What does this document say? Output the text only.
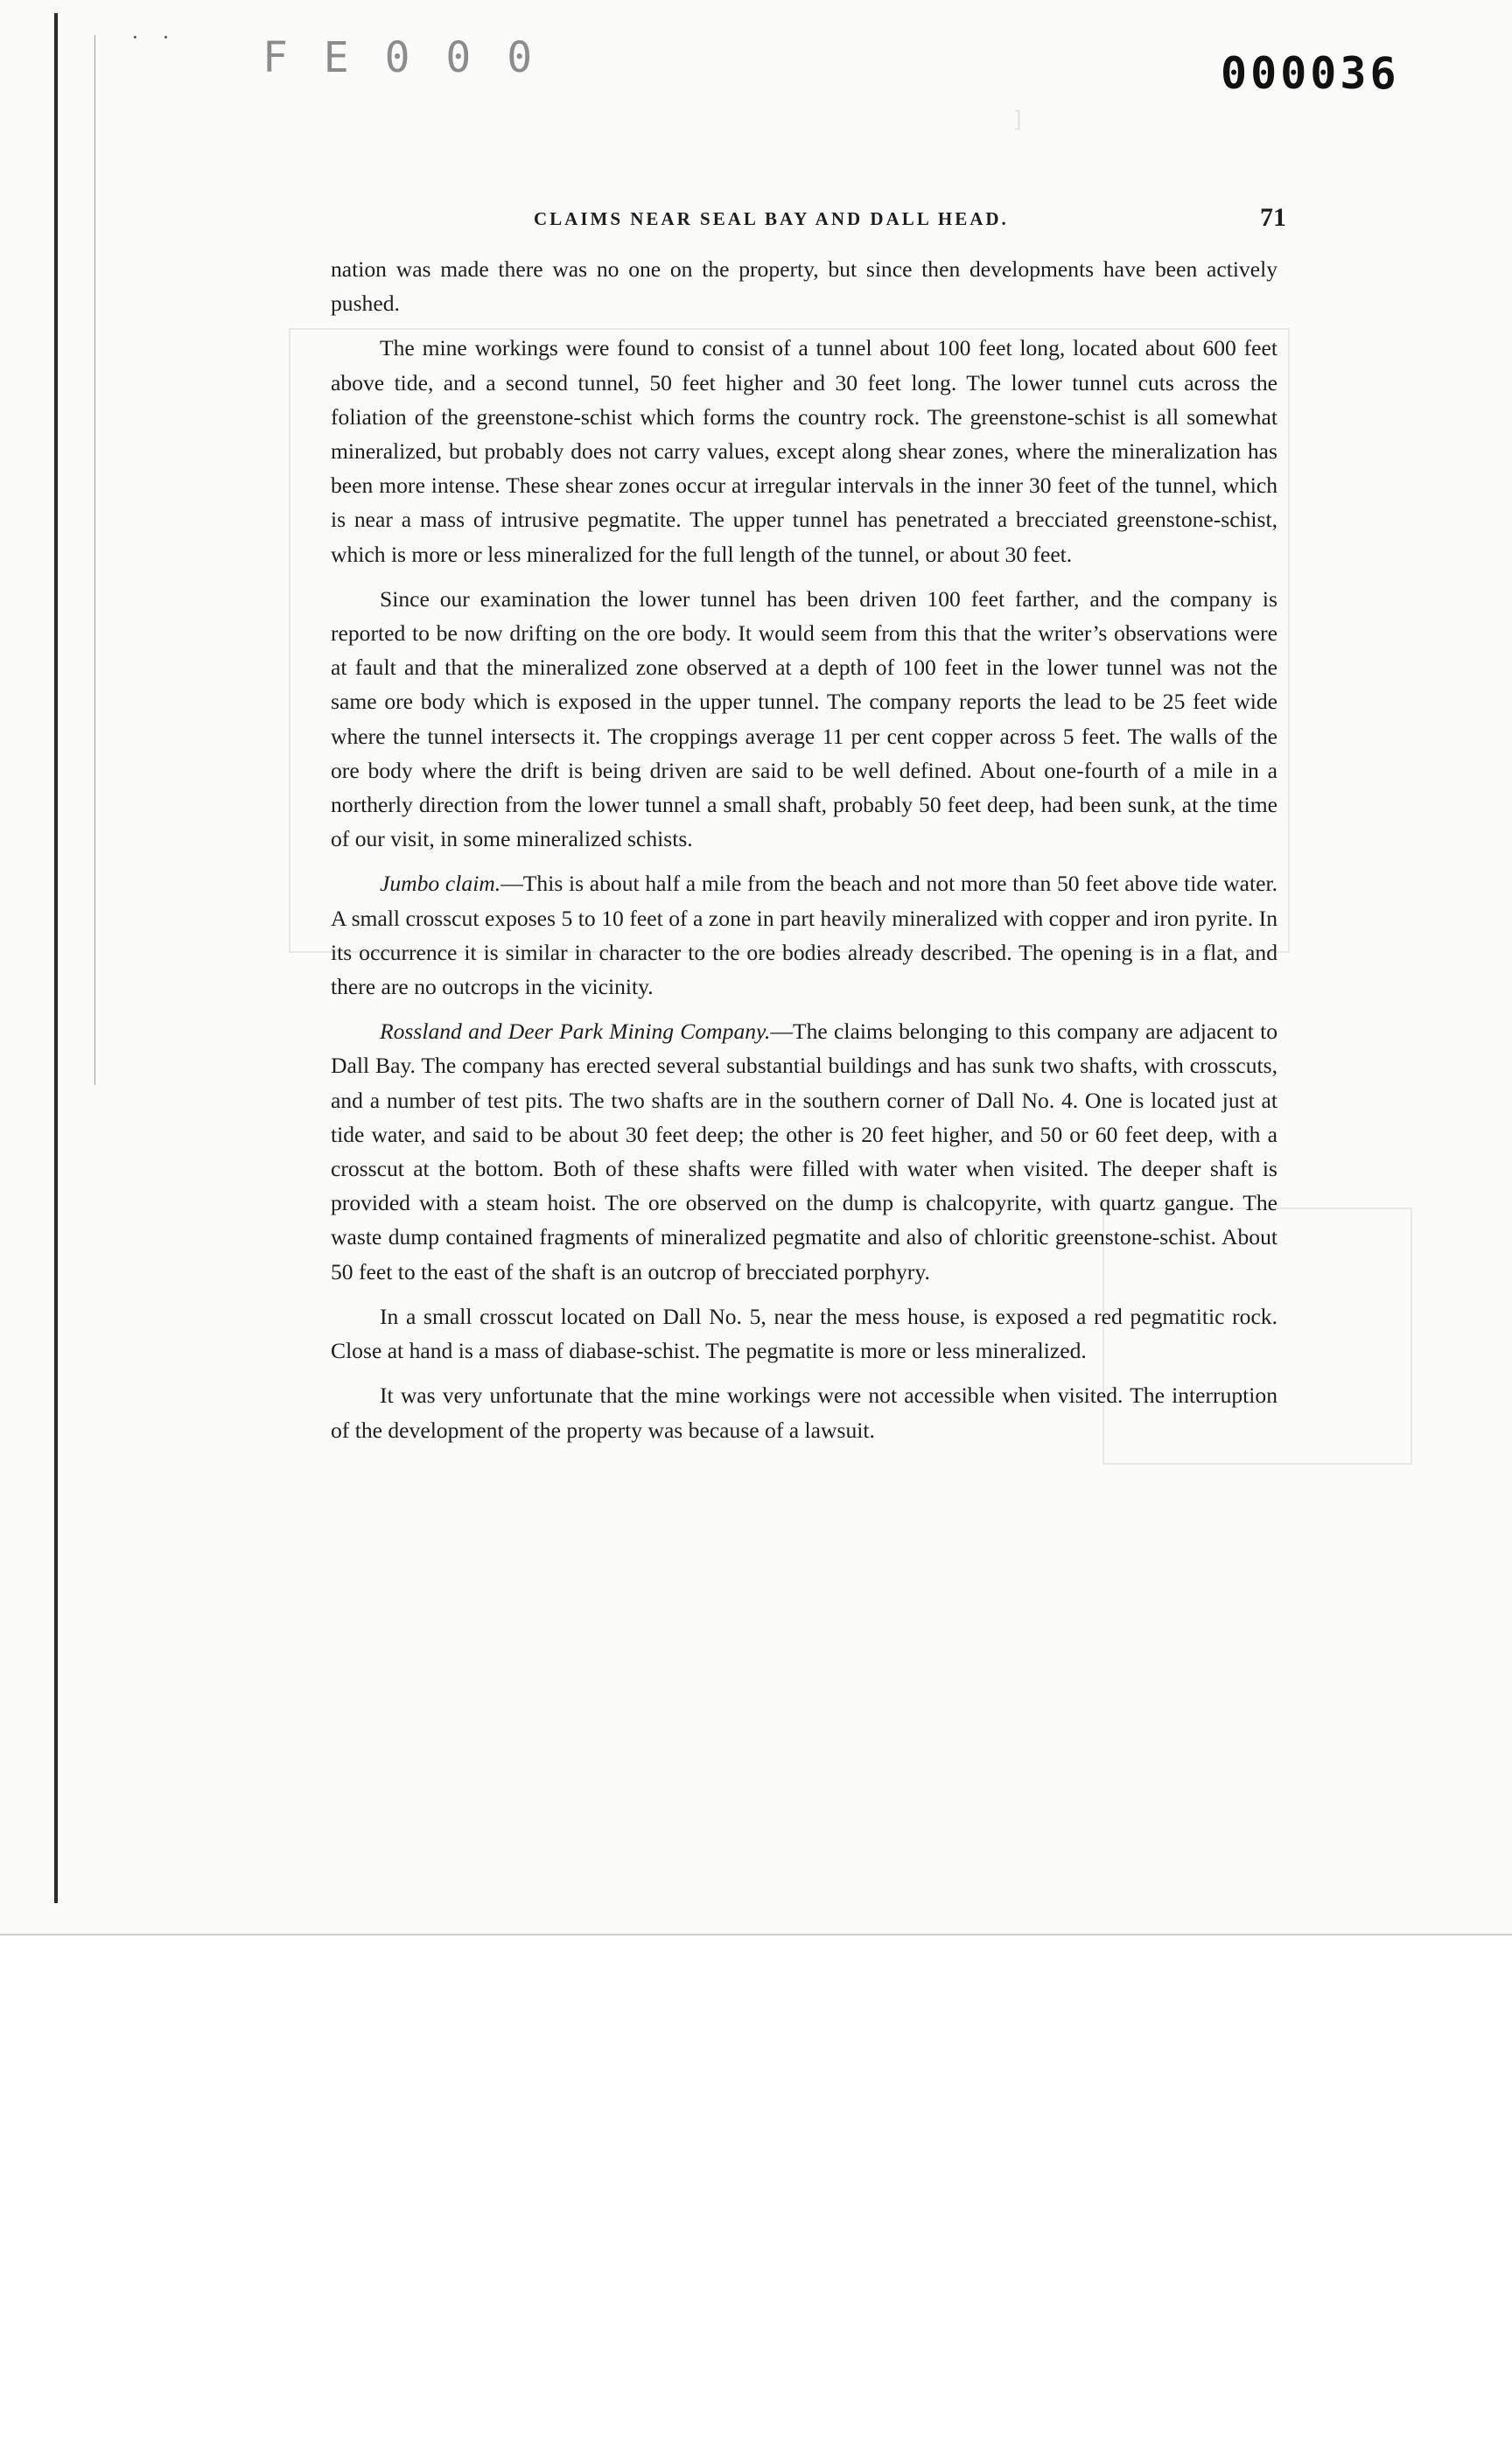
· · F E 0 0 0	000036
]
CLAIMS NEAR SEAL BAY AND DALL HEAD.	71

nation was made there was no one on the property, but since then developments have been actively pushed.

The mine workings were found to consist of a tunnel about 100 feet long, located about 600 feet above tide, and a second tunnel, 50 feet higher and 30 feet long. The lower tunnel cuts across the foliation of the greenstone-schist which forms the country rock. The greenstone-schist is all somewhat mineralized, but probably does not carry values, except along shear zones, where the mineralization has been more intense. These shear zones occur at irregular intervals in the inner 30 feet of the tunnel, which is near a mass of intrusive pegmatite. The upper tunnel has penetrated a brecciated greenstone-schist, which is more or less mineralized for the full length of the tunnel, or about 30 feet.

Since our examination the lower tunnel has been driven 100 feet farther, and the company is reported to be now drifting on the ore body. It would seem from this that the writer’s observations were at fault and that the mineralized zone observed at a depth of 100 feet in the lower tunnel was not the same ore body which is exposed in the upper tunnel. The company reports the lead to be 25 feet wide where the tunnel intersects it. The croppings average 11 per cent copper across 5 feet. The walls of the ore body where the drift is being driven are said to be well defined. About one-fourth of a mile in a northerly direction from the lower tunnel a small shaft, probably 50 feet deep, had been sunk, at the time of our visit, in some mineralized schists.

Jumbo claim.—This is about half a mile from the beach and not more than 50 feet above tide water. A small crosscut exposes 5 to 10 feet of a zone in part heavily mineralized with copper and iron pyrite. In its occurrence it is similar in character to the ore bodies already described. The opening is in a flat, and there are no outcrops in the vicinity.

Rossland and Deer Park Mining Company.—The claims belonging to this company are adjacent to Dall Bay. The company has erected several substantial buildings and has sunk two shafts, with crosscuts, and a number of test pits. The two shafts are in the southern corner of Dall No. 4. One is located just at tide water, and said to be about 30 feet deep; the other is 20 feet higher, and 50 or 60 feet deep, with a crosscut at the bottom. Both of these shafts were filled with water when visited. The deeper shaft is provided with a steam hoist. The ore observed on the dump is chalcopyrite, with quartz gangue. The waste dump contained fragments of mineralized pegmatite and also of chloritic greenstone-schist. About 50 feet to the east of the shaft is an outcrop of brecciated porphyry.

In a small crosscut located on Dall No. 5, near the mess house, is exposed a red pegmatitic rock. Close at hand is a mass of diabase-schist. The pegmatite is more or less mineralized.

It was very unfortunate that the mine workings were not accessible when visited. The interruption of the development of the property was because of a lawsuit.
